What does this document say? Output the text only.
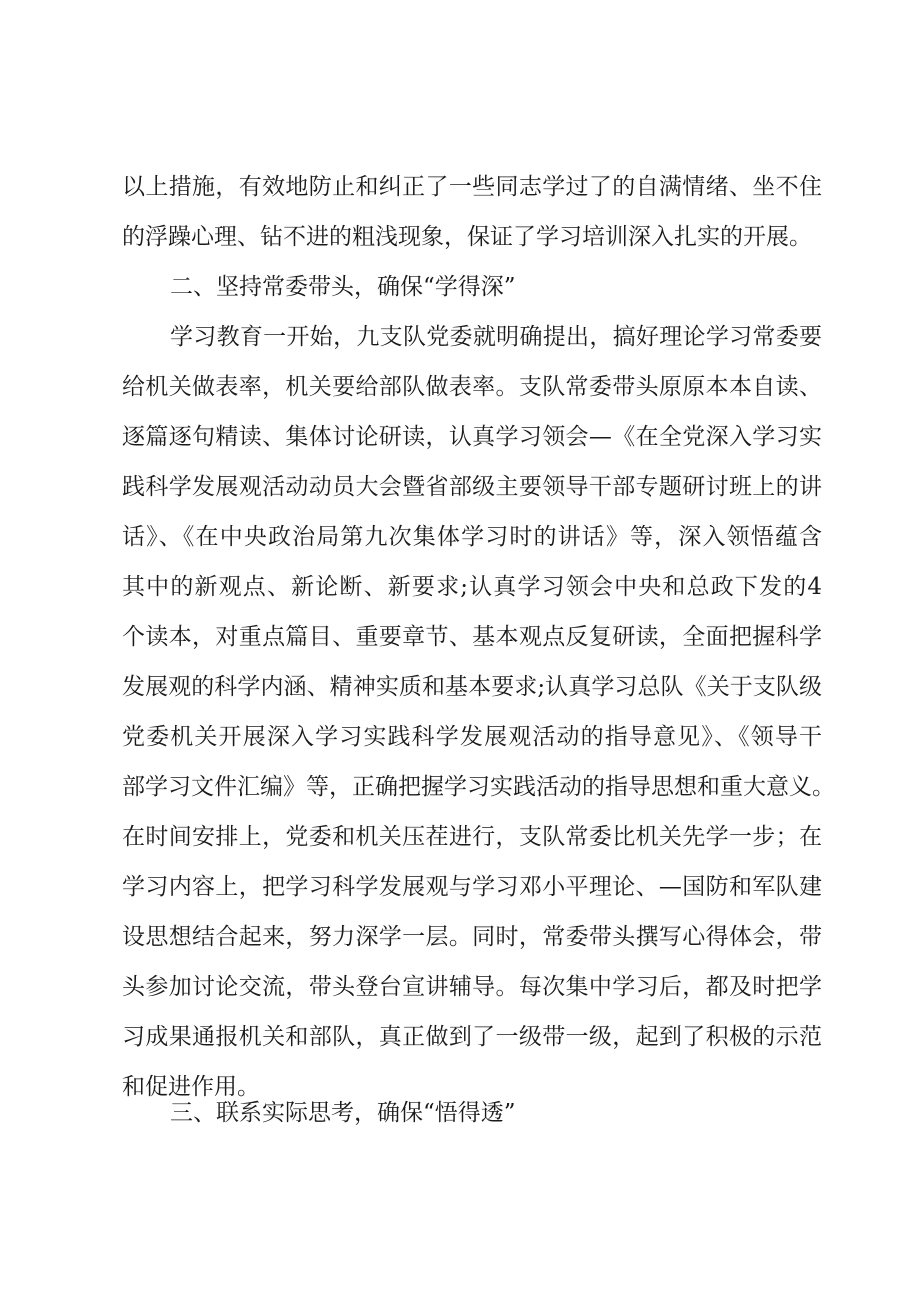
以上措施，有效地防止和纠正了一些同志学过了的自满情绪、坐不住
的浮躁心理、钻不进的粗浅现象，保证了学习培训深入扎实的开展。
二、坚持常委带头，确保“学得深”
学习教育一开始，九支队党委就明确提出，搞好理论学习常委要
给机关做表率，机关要给部队做表率。支队常委带头原原本本自读、
逐篇逐句精读、集体讨论研读，认真学习领会—《在全党深入学习实
践科学发展观活动动员大会暨省部级主要领导干部专题研讨班上的讲
话》、《在中央政治局第九次集体学习时的讲话》等，深入领悟蕴含
其中的新观点、新论断、新要求;认真学习领会中央和总政下发的4
个读本，对重点篇目、重要章节、基本观点反复研读，全面把握科学
发展观的科学内涵、精神实质和基本要求;认真学习总队《关于支队级
党委机关开展深入学习实践科学发展观活动的指导意见》、《领导干
部学习文件汇编》等，正确把握学习实践活动的指导思想和重大意义。
在时间安排上，党委和机关压茬进行，支队常委比机关先学一步；在
学习内容上，把学习科学发展观与学习邓小平理论、—国防和军队建
设思想结合起来，努力深学一层。同时，常委带头撰写心得体会，带
头参加讨论交流，带头登台宣讲辅导。每次集中学习后，都及时把学
习成果通报机关和部队，真正做到了一级带一级，起到了积极的示范
和促进作用。
三、联系实际思考，确保“悟得透”
